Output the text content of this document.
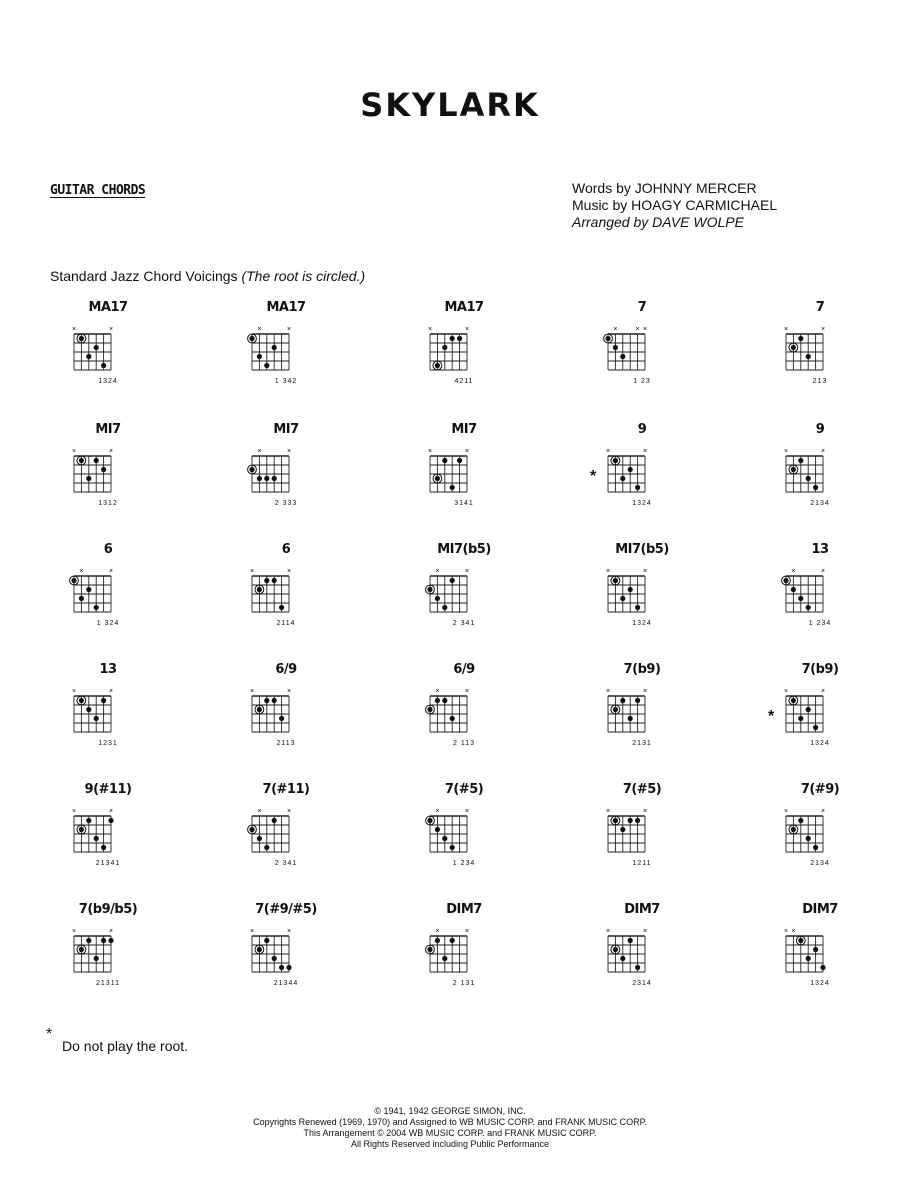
SKYLARK
GUITAR CHORDS	Words by JOHNNY MERCER
Music by HOAGY CARMICHAEL
Arranged by DAVE WOLPE
Standard Jazz Chord Voicings (The root is circled.)
MA17
×	×
1324
MA17
×	×
1 342
MA17
×	×
4211
7
×	× ×
1 23
7
×	×
213
MI7
×	×
1312
MI7
×	×
2 333
MI7
×	×
3141
9
×	×
1324
*
9
×	×
2134
6
×	×
1 324
6
×	×
2114
MI7(b5)
×	×
2 341
MI7(b5)
×	×
1324
13
×	×
1 234
13
×	×
1231
6/9
×	×
2113
6/9
×	×
2 113
7(b9)
×	×
2131
7(b9)
×	×
1324
*
9(#11)
×	×
21341
7(#11)
×	×
2 341
7(#5)
×	×
1 234
7(#5)
×	×
1211
7(#9)
×	×
2134
7(b9/b5)
×	×
21311
7(#9/#5)
×	×
21344
DIM7
×	×
2 131
DIM7
×	×
2314
DIM7
× ×
1324
*
Do not play the root.
© 1941, 1942 GEORGE SIMON, INC.
Copyrights Renewed (1969, 1970) and Assigned to WB MUSIC CORP. and FRANK MUSIC CORP.
This Arrangement © 2004 WB MUSIC CORP. and FRANK MUSIC CORP.
All Rights Reserved including Public Performance
